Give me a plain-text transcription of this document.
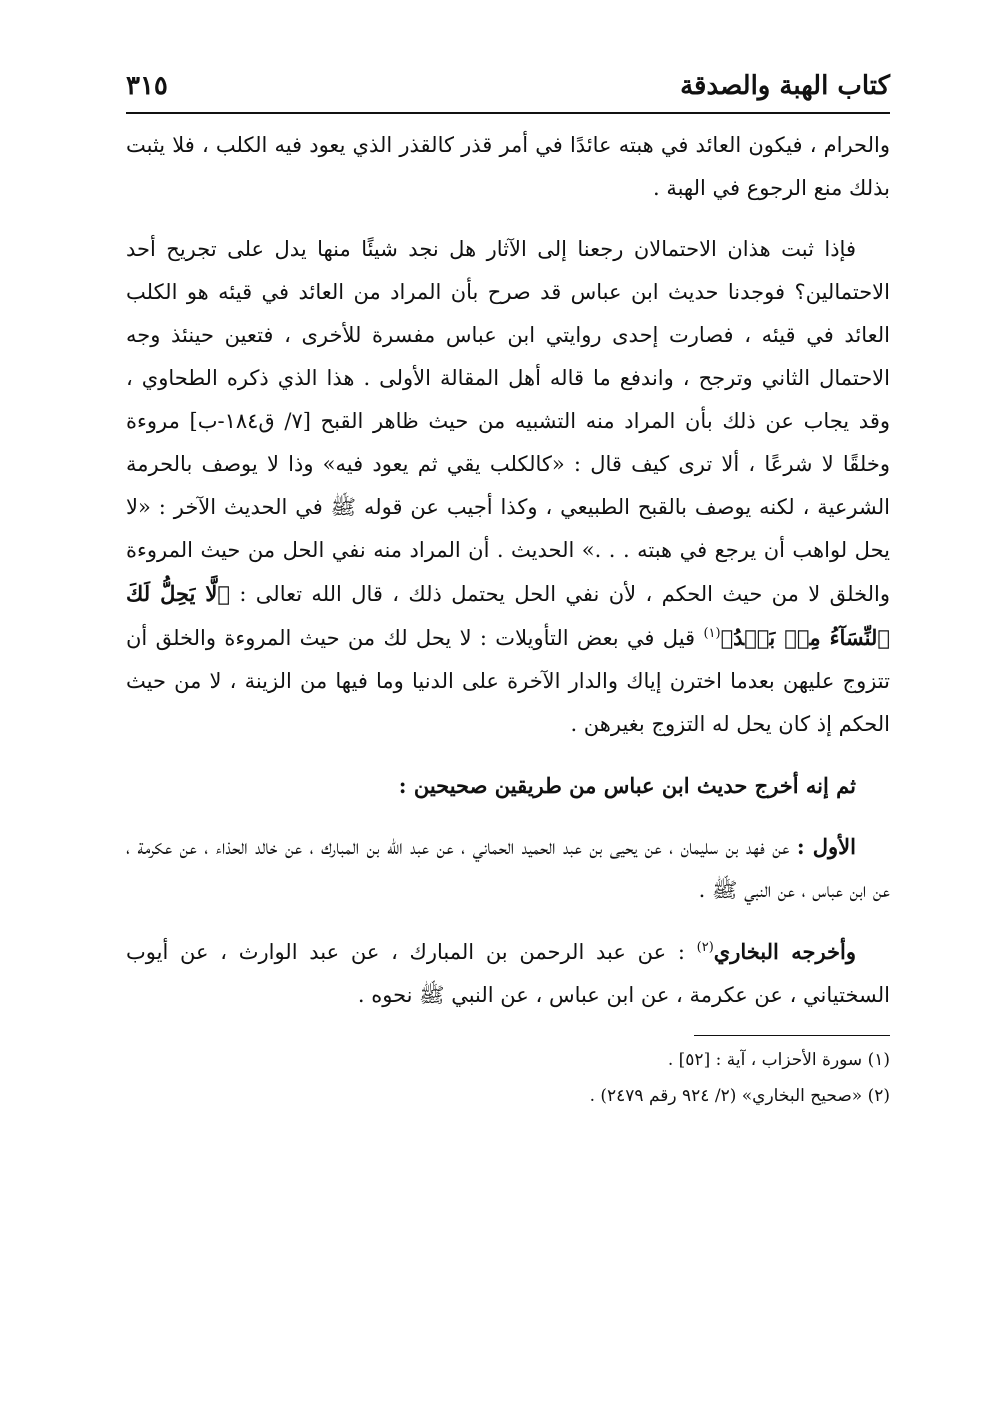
كتاب الهبة والصدقة
٣١٥

والحرام ، فيكون العائد في هبته عائدًا في أمر قذر كالقذر الذي يعود فيه الكلب ، فلا يثبت بذلك منع الرجوع في الهبة .

فإذا ثبت هذان الاحتمالان رجعنا إلى الآثار هل نجد شيئًا منها يدل على تجريح أحد الاحتمالين؟ فوجدنا حديث ابن عباس قد صرح بأن المراد من العائد في قيئه هو الكلب العائد في قيئه ، فصارت إحدى روايتي ابن عباس مفسرة للأخرى ، فتعين حينئذ وجه الاحتمال الثاني وترجح ، واندفع ما قاله أهل المقالة الأولى . هذا الذي ذكره الطحاوي ، وقد يجاب عن ذلك بأن المراد منه التشبيه من حيث ظاهر القبح [٧/ ق١٨٤-ب] مروءة وخلقًا لا شرعًا ، ألا ترى كيف قال : «كالكلب يقي ثم يعود فيه» وذا لا يوصف بالحرمة الشرعية ، لكنه يوصف بالقبح الطبيعي ، وكذا أجيب عن قوله ﷺ في الحديث الآخر : «لا يحل لواهب أن يرجع في هبته . . .» الحديث . أن المراد منه نفي الحل من حيث المروءة والخلق لا من حيث الحكم ، لأن نفي الحل يحتمل ذلك ، قال الله تعالى : ﴿لَّا يَحِلُّ لَكَ ٱلنِّسَآءُ مِنۢ بَعۡدُ﴾$^{(١)}$ قيل في بعض التأويلات : لا يحل لك من حيث المروءة والخلق أن تتزوج عليهن بعدما اخترن إياك والدار الآخرة على الدنيا وما فيها من الزينة ، لا من حيث الحكم إذ كان يحل له التزوج بغيرهن .

ثم إنه أخرج حديث ابن عباس من طريقين صحيحين :

الأول : عن فهد بن سليمان ، عن يحيى بن عبد الحميد الحماني ، عن عبد الله بن المبارك ، عن خالد الحذاء ، عن عكرمة ، عن ابن عباس ، عن النبي ﷺ .

وأخرجه البخاري$^{(٢)}$ : عن عبد الرحمن بن المبارك ، عن عبد الوارث ، عن أيوب السختياني ، عن عكرمة ، عن ابن عباس ، عن النبي ﷺ نحوه .

(١) سورة الأحزاب ، آية : [٥٢] .
(٢) «صحيح البخاري» (٢/ ٩٢٤ رقم ٢٤٧٩) .
